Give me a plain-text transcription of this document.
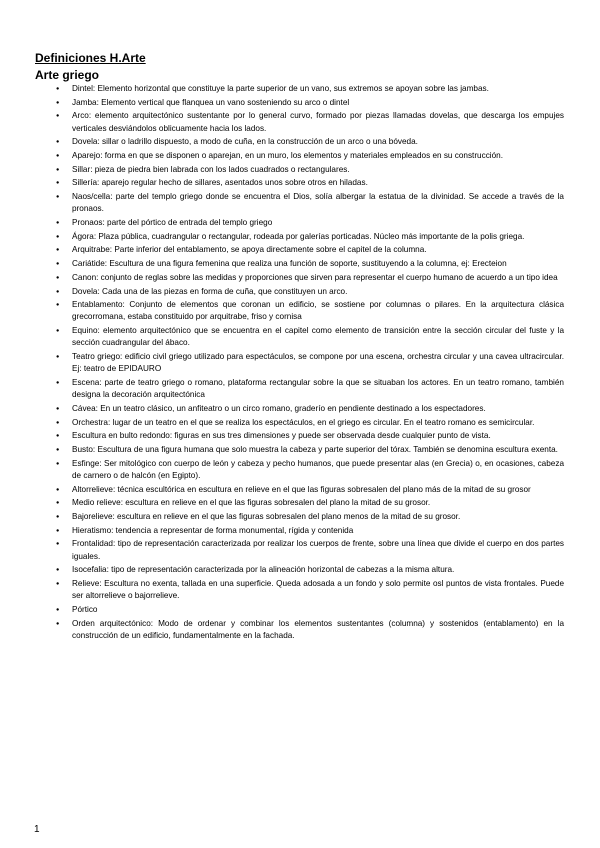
Definiciones H.Arte
Arte griego
● Dintel: Elemento horizontal que constituye la parte superior de un vano, sus extremos se apoyan sobre las jambas.
● Jamba: Elemento vertical que flanquea un vano sosteniendo su arco o dintel
● Arco: elemento arquitectónico sustentante por lo general curvo, formado por piezas llamadas dovelas, que descarga los empujes verticales desviándolos oblicuamente hacia los lados.
● Dovela: sillar o ladrillo dispuesto, a modo de cuña, en la construcción de un arco o una bóveda.
● Aparejo: forma en que se disponen o aparejan, en un muro, los elementos y materiales empleados en su construcción.
● Sillar: pieza de piedra bien labrada con los lados cuadrados o rectangulares.
● Sillería: aparejo regular hecho de sillares, asentados unos sobre otros en hiladas.
● Naos/cella: parte del templo griego donde se encuentra el Dios, solía albergar la estatua de la divinidad. Se accede a través de la pronaos.
● Pronaos: parte del pórtico de entrada del templo griego
● Ágora: Plaza pública, cuadrangular o rectangular, rodeada por galerías porticadas. Núcleo más importante de la polis griega.
● Arquitrabe: Parte inferior del entablamento, se apoya directamente sobre el capitel de la columna.
● Cariátide: Escultura de una figura femenina que realiza una función de soporte, sustituyendo a la columna, ej: Erecteion
● Canon: conjunto de reglas sobre las medidas y proporciones que sirven para representar el cuerpo humano de acuerdo a un tipo idea
● Dovela: Cada una de las piezas en forma de cuña, que constituyen un arco.
● Entablamento: Conjunto de elementos que coronan un edificio, se sostiene por columnas o pilares. En la arquitectura clásica grecorromana, estaba constituido por arquitrabe, friso y cornisa
● Equino: elemento arquitectónico que se encuentra en el capitel como elemento de transición entre la sección circular del fuste y la sección cuadrangular del ábaco.
● Teatro griego: edificio civil griego utilizado para espectáculos, se compone por una escena, orchestra circular y una cavea ultracircular. Ej: teatro de EPIDAURO
● Escena: parte de teatro griego o romano, plataforma rectangular sobre la que se situaban los actores. En un teatro romano, también designa la decoración arquitectónica
● Cávea: En un teatro clásico, un anfiteatro o un circo romano, graderío en pendiente destinado a los espectadores.
● Orchestra: lugar de un teatro en el que se realiza los espectáculos, en el griego es circular. En el teatro romano es semicircular.
● Escultura en bulto redondo: figuras en sus tres dimensiones y puede ser observada desde cualquier punto de vista.
● Busto: Escultura de una figura humana que solo muestra la cabeza y parte superior del tórax. También se denomina escultura exenta.
● Esfinge: Ser mitológico con cuerpo de león y cabeza y pecho humanos, que puede presentar alas (en Grecia) o, en ocasiones, cabeza de carnero o de halcón (en Egipto).
● Altorrelieve: técnica escultórica en escultura en relieve en el que las figuras sobresalen del plano más de la mitad de su grosor
● Medio relieve: escultura en relieve en el que las figuras sobresalen del plano la mitad de su grosor.
● Bajorelieve: escultura en relieve en el que las figuras sobresalen del plano menos de la mitad de su grosor.
● Hieratismo: tendencia a representar de forma monumental, rígida y contenida
● Frontalidad: tipo de representación caracterizada por realizar los cuerpos de frente, sobre una línea que divide el cuerpo en dos partes iguales.
● Isocefalia: tipo de representación caracterizada por la alineación horizontal de cabezas a la misma altura.
● Relieve: Escultura no exenta, tallada en una superficie. Queda adosada a un fondo y solo permite osl puntos de vista frontales. Puede ser altorrelieve o bajorrelieve.
● Pórtico
● Orden arquitectónico: Modo de ordenar y combinar los elementos sustentantes (columna) y sostenidos (entablamento) en la construcción de un edificio, fundamentalmente en la fachada.
1
